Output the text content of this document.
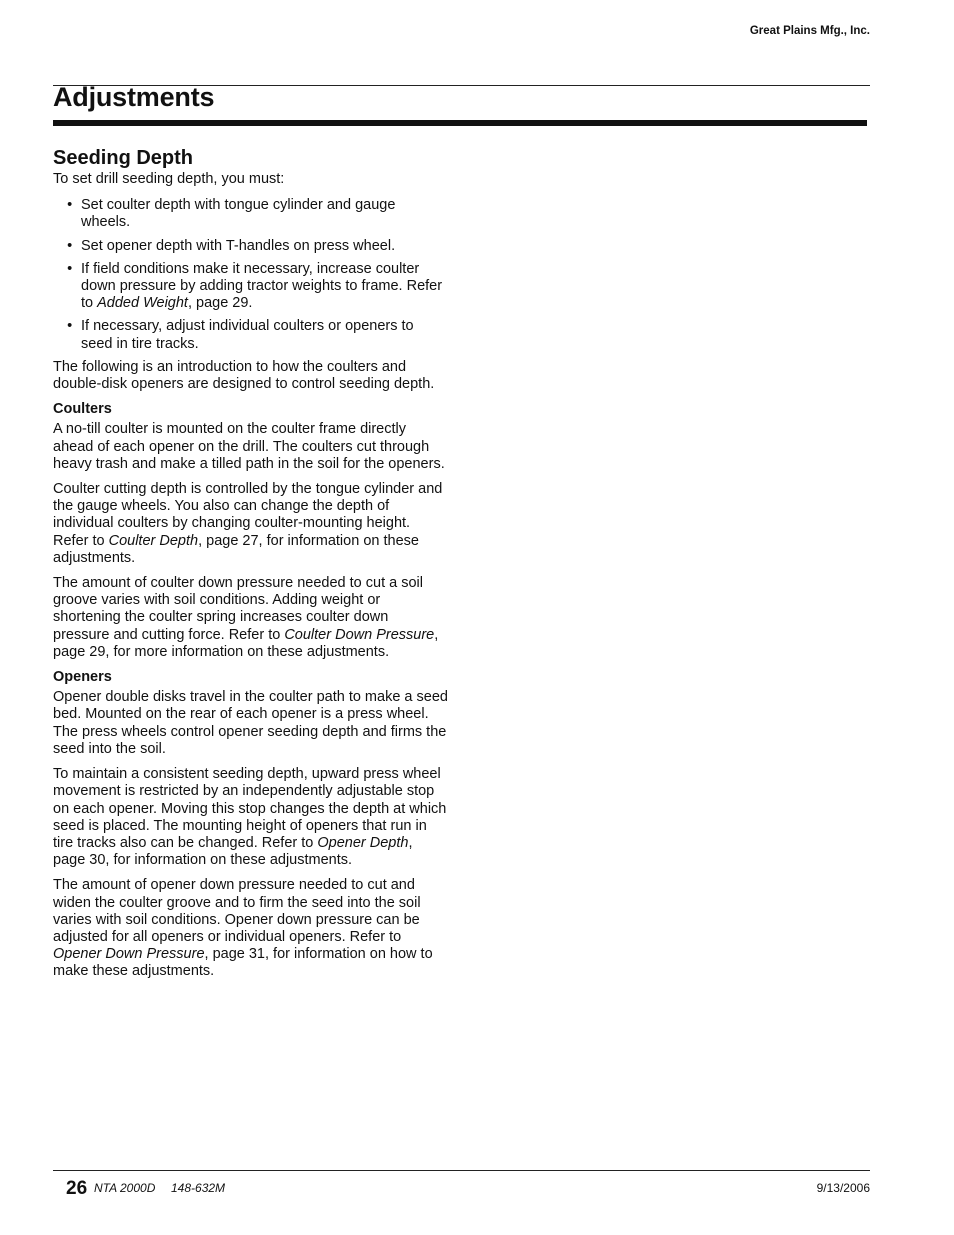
Great Plains Mfg., Inc.
Adjustments
Seeding Depth

To set drill seeding depth, you must:

• Set coulter depth with tongue cylinder and gauge wheels.
• Set opener depth with T-handles on press wheel.
• If field conditions make it necessary, increase coulter down pressure by adding tractor weights to frame. Refer to Added Weight, page 29.
• If necessary, adjust individual coulters or openers to seed in tire tracks.

The following is an introduction to how the coulters and double-disk openers are designed to control seeding depth.

Coulters

A no-till coulter is mounted on the coulter frame directly ahead of each opener on the drill. The coulters cut through heavy trash and make a tilled path in the soil for the openers.

Coulter cutting depth is controlled by the tongue cylinder and the gauge wheels. You also can change the depth of individual coulters by changing coulter-mounting height. Refer to Coulter Depth, page 27, for information on these adjustments.

The amount of coulter down pressure needed to cut a soil groove varies with soil conditions. Adding weight or shortening the coulter spring increases coulter down pressure and cutting force. Refer to Coulter Down Pressure, page 29, for more information on these adjustments.

Openers

Opener double disks travel in the coulter path to make a seed bed. Mounted on the rear of each opener is a press wheel. The press wheels control opener seeding depth and firms the seed into the soil.

To maintain a consistent seeding depth, upward press wheel movement is restricted by an independently adjustable stop on each opener. Moving this stop changes the depth at which seed is placed. The mounting height of openers that run in tire tracks also can be changed. Refer to Opener Depth, page 30, for information on these adjustments.

The amount of opener down pressure needed to cut and widen the coulter groove and to firm the seed into the soil varies with soil conditions. Opener down pressure can be adjusted for all openers or individual openers. Refer to Opener Down Pressure, page 31, for information on how to make these adjustments.

26 NTA 2000D 148-632M	9/13/2006
